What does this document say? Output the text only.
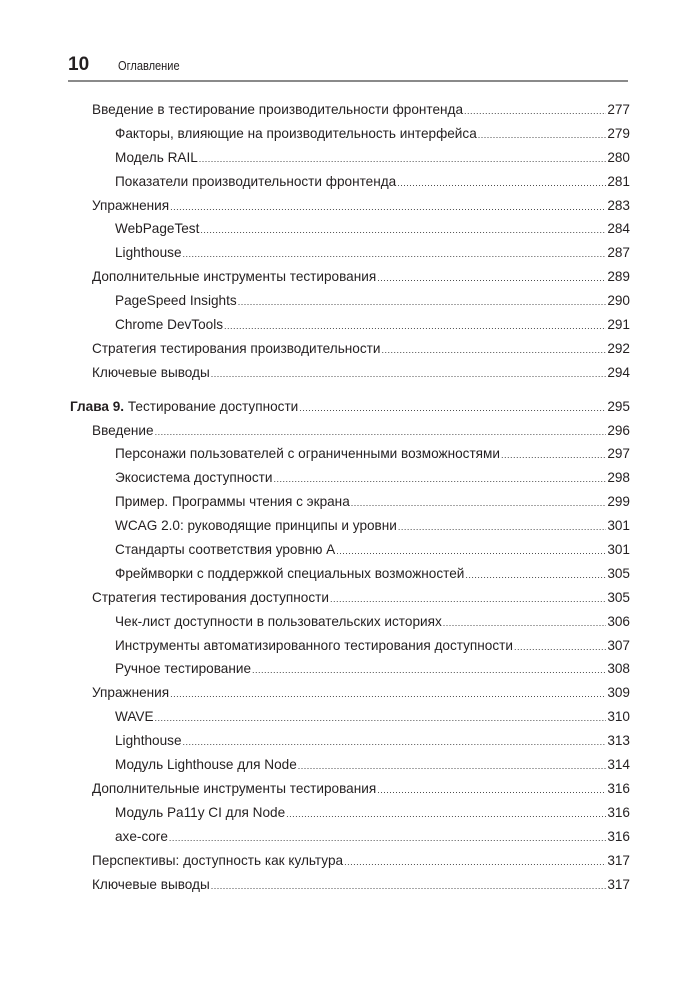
10 Оглавление
Введение в тестирование производительности фронтенда .....	277
Факторы, влияющие на производительность интерфейса .....	279
Модель RAIL .....	280
Показатели производительности фронтенда .....	281
Упражнения .....	283
WebPageTest .....	284
Lighthouse .....	287
Дополнительные инструменты тестирования .....	289
PageSpeed Insights .....	290
Chrome DevTools .....	291
Стратегия тестирования производительности .....	292
Ключевые выводы .....	294
Глава 9. Тестирование доступности .....	295
Введение .....	296
Персонажи пользователей с ограниченными возможностями .....	297
Экосистема доступности .....	298
Пример. Программы чтения с экрана .....	299
WCAG 2.0: руководящие принципы и уровни .....	301
Стандарты соответствия уровню A .....	301
Фреймворки с поддержкой специальных возможностей .....	305
Стратегия тестирования доступности .....	305
Чек-лист доступности в пользовательских историях .....	306
Инструменты автоматизированного тестирования доступности .....	307
Ручное тестирование .....	308
Упражнения .....	309
WAVE .....	310
Lighthouse .....	313
Модуль Lighthouse для Node .....	314
Дополнительные инструменты тестирования .....	316
Модуль Pa11y CI для Node .....	316
axe-core .....	316
Перспективы: доступность как культура .....	317
Ключевые выводы .....	317
